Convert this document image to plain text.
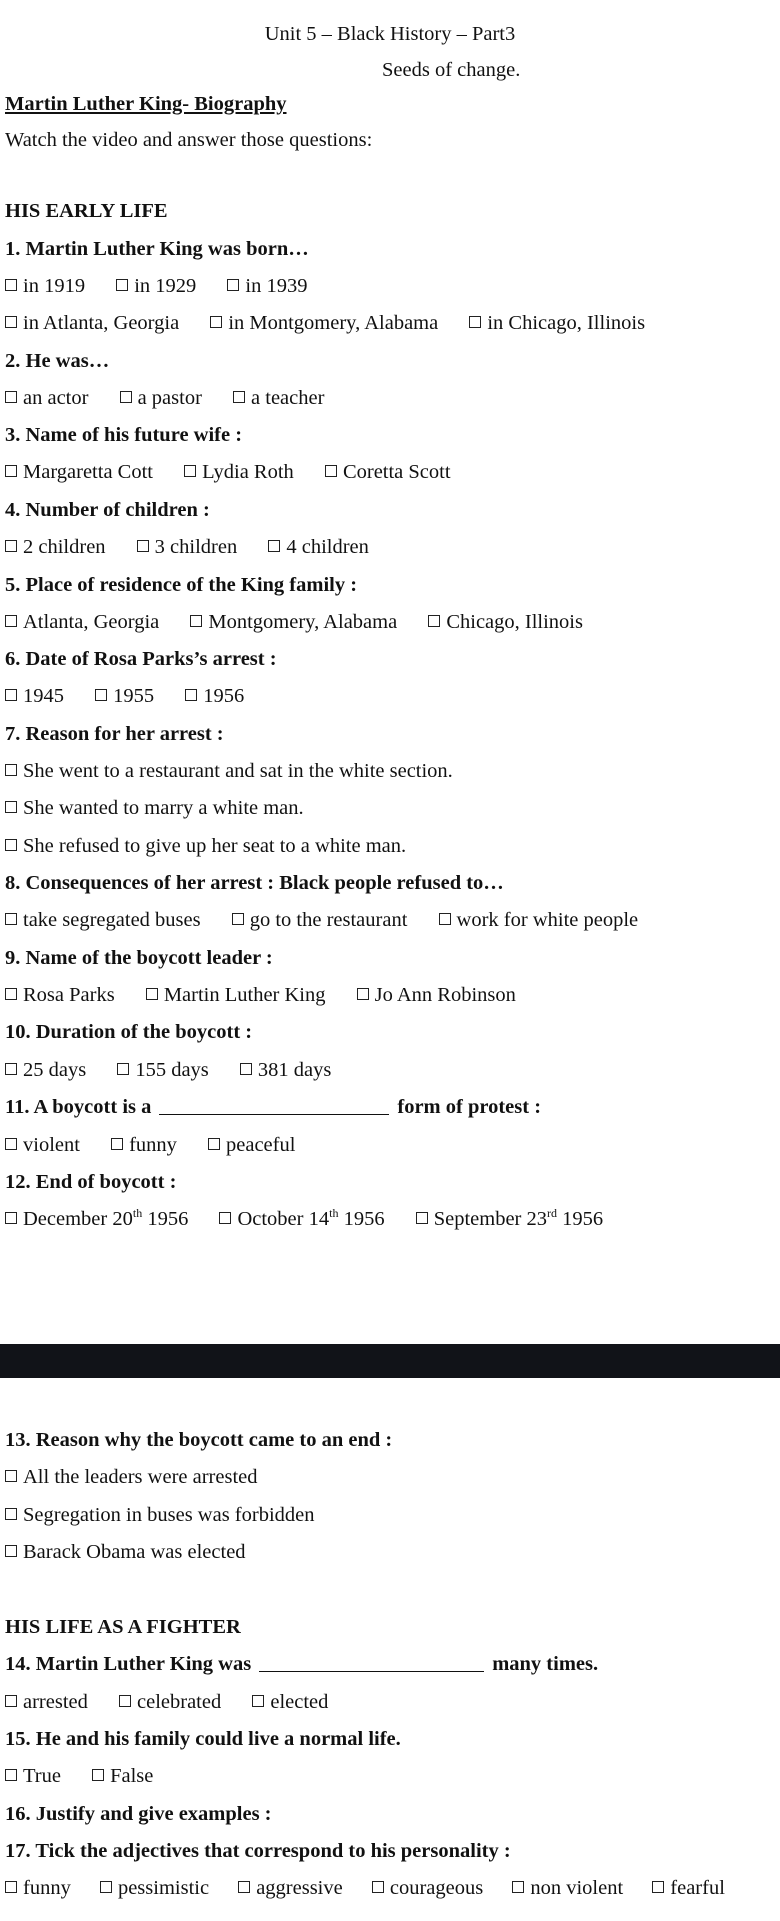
Unit 5 – Black History – Part3
Seeds of change.
Martin Luther King- Biography
Watch the video and answer those questions:
HIS EARLY LIFE
1. Martin Luther King was born…
in 1919 in 1929 in 1939
in Atlanta, Georgia in Montgomery, Alabama in Chicago, Illinois
2. He was…
an actor a pastor a teacher
3. Name of his future wife :
Margaretta Cott Lydia Roth Coretta Scott
4. Number of children :
2 children 3 children 4 children
5. Place of residence of the King family :
Atlanta, Georgia Montgomery, Alabama Chicago, Illinois
6. Date of Rosa Parks’s arrest :
1945 1955 1956
7. Reason for her arrest :
She went to a restaurant and sat in the white section.
She wanted to marry a white man.
She refused to give up her seat to a white man.
8. Consequences of her arrest : Black people refused to…
take segregated buses go to the restaurant work for white people
9. Name of the boycott leader :
Rosa Parks Martin Luther King Jo Ann Robinson
10. Duration of the boycott :
25 days 155 days 381 days
11. A boycott is a	form of protest :
violent funny peaceful
12. End of boycott :
December 20th 1956 October 14th 1956 September 23rd 1956
13. Reason why the boycott came to an end :
All the leaders were arrested
Segregation in buses was forbidden
Barack Obama was elected
HIS LIFE AS A FIGHTER
14. Martin Luther King was	many times.
arrested celebrated elected
15. He and his family could live a normal life.
True False
16. Justify and give examples :
17. Tick the adjectives that correspond to his personality :
funny pessimistic aggressive courageous non violent fearful
